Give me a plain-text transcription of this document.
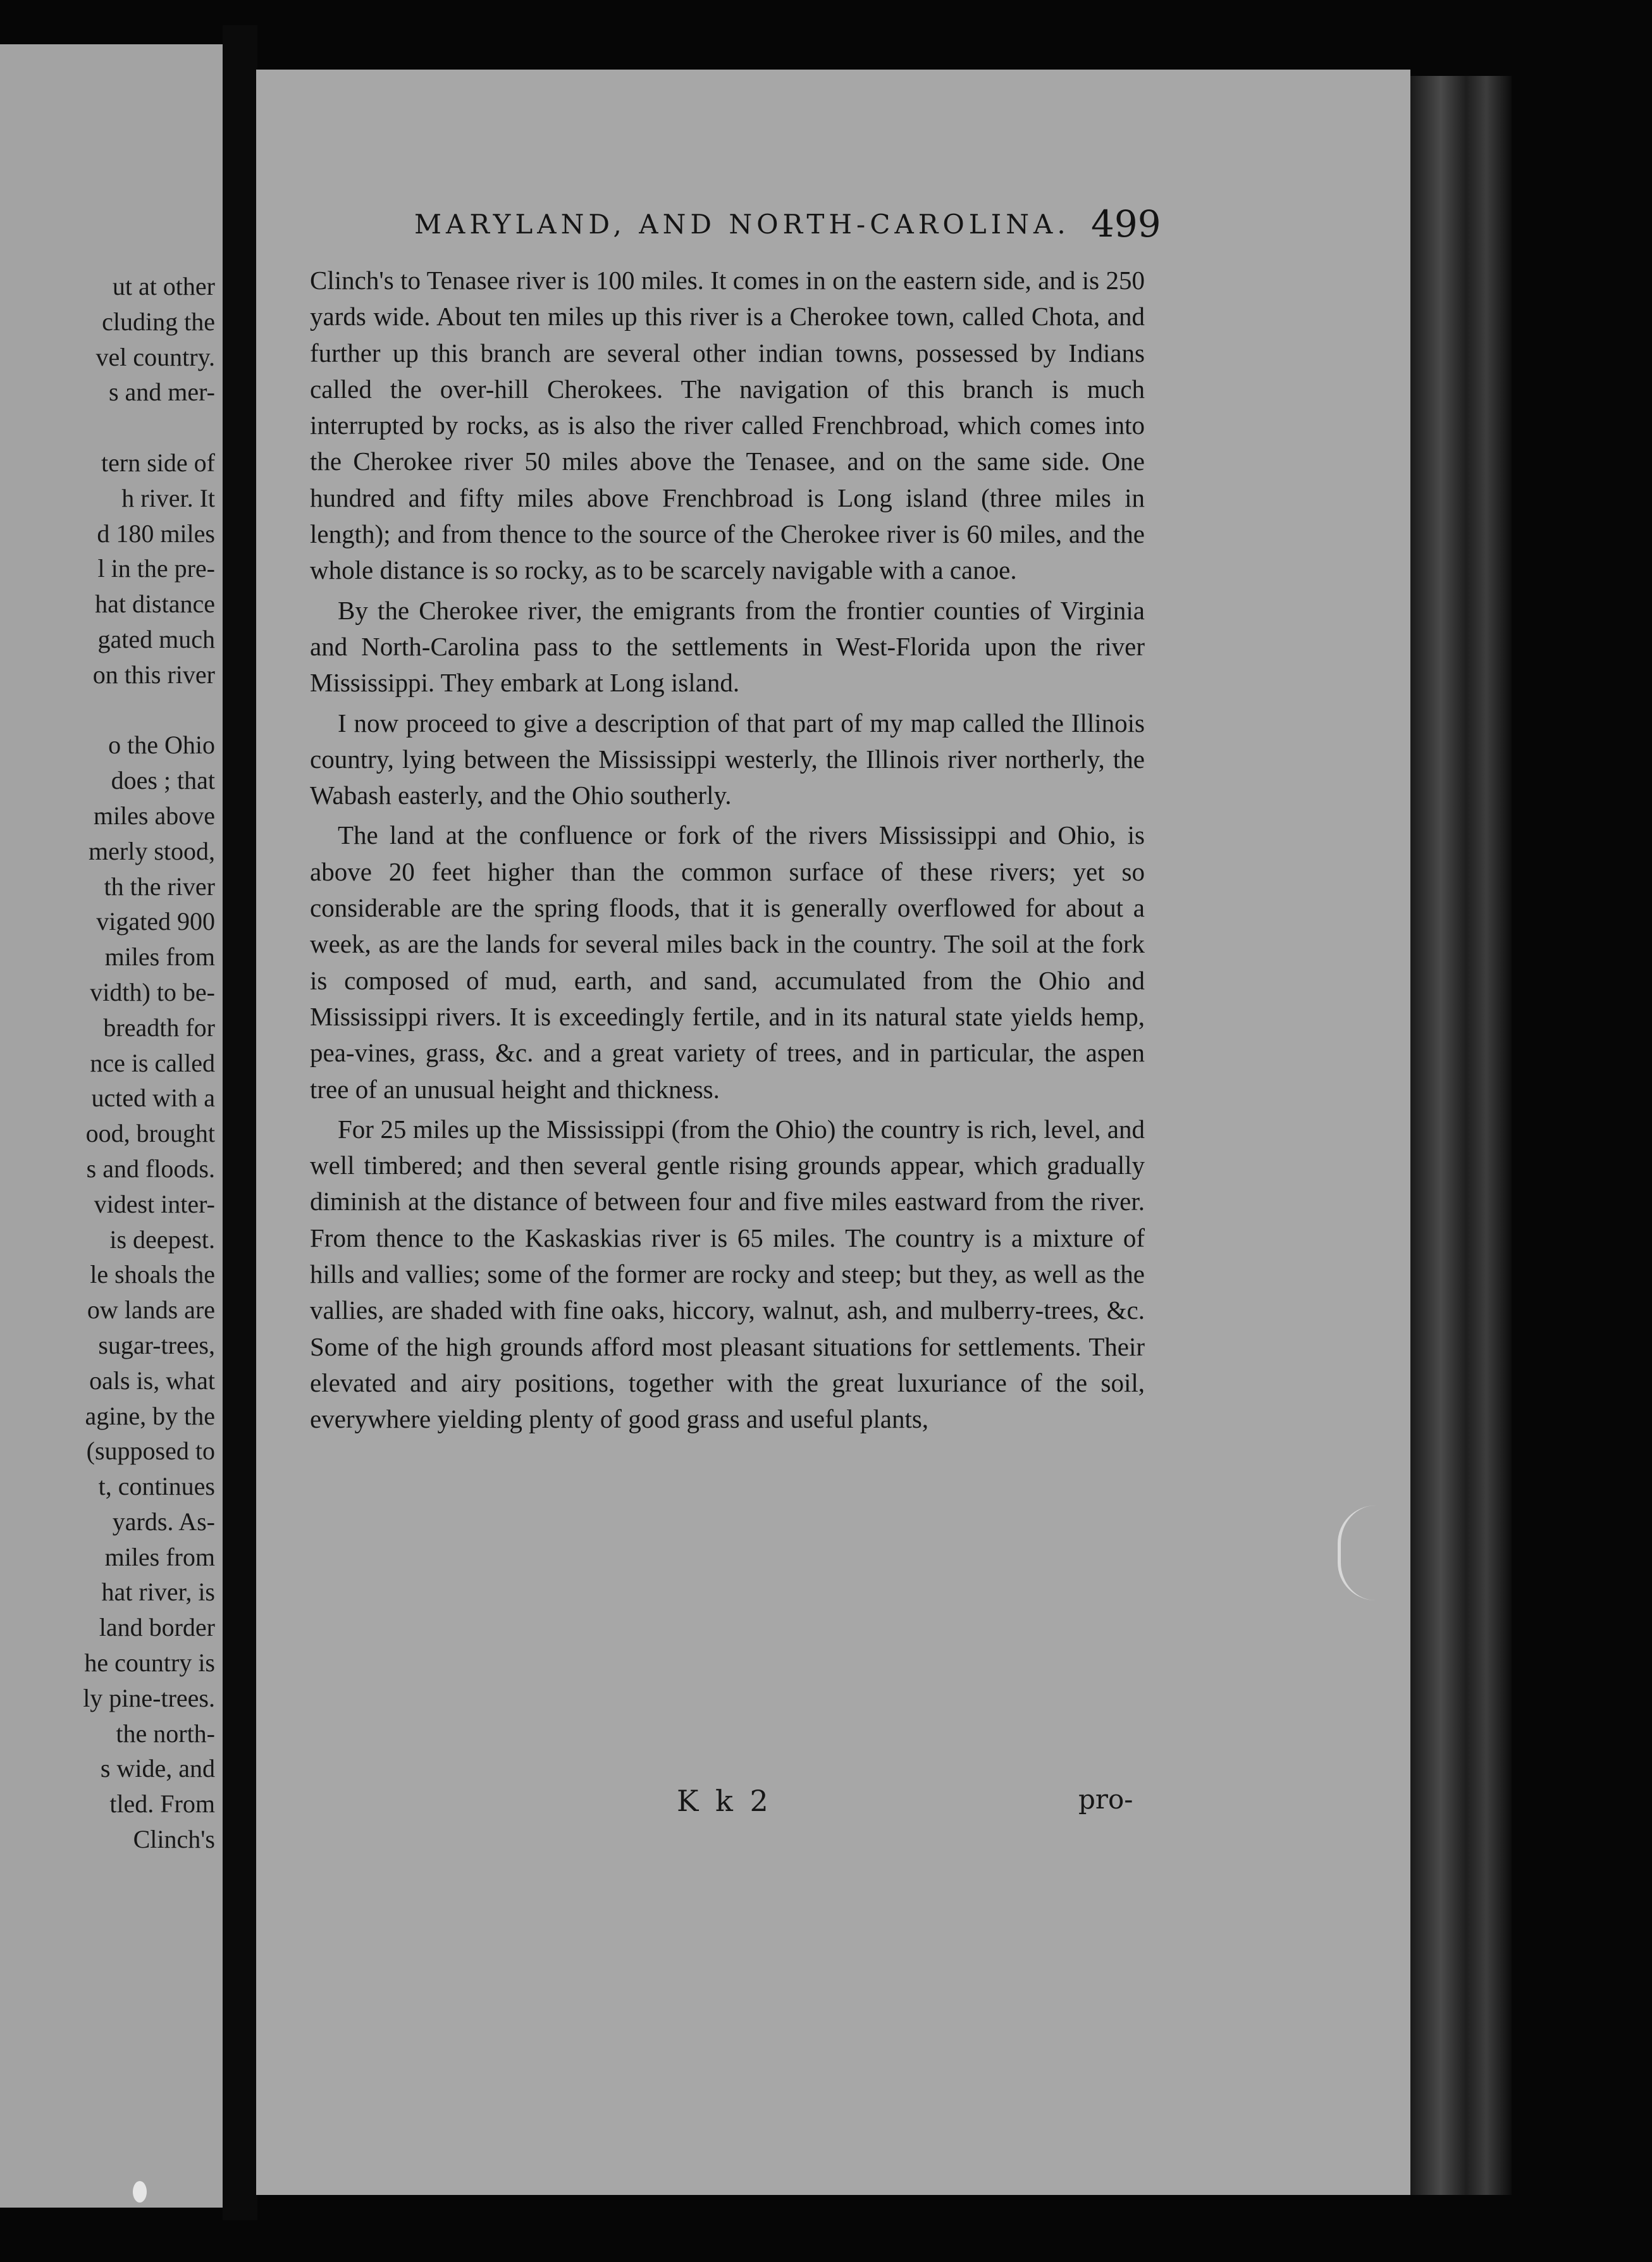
ut at other
cluding the
vel country.
s and mer-
tern side of
h river. It
d 180 miles
l in the pre-
hat distance
gated much
on this river
o the Ohio
does ; that
miles above
merly stood,
th the river
vigated 900
miles from
vidth) to be-
breadth for
nce is called
ucted with a
ood, brought
s and floods.
videst inter-
is deepest.
le shoals the
ow lands are
sugar-trees,
oals is, what
agine, by the
(supposed to
t, continues
yards. As-
miles from
hat river, is
land border
he country is
ly pine-trees.
the north-
s wide, and
tled. From
Clinch's
MARYLAND, AND NORTH-CAROLINA. 499

Clinch's to Tenasee river is 100 miles. It comes in on the eastern side, and is 250 yards wide. About ten miles up this river is a Cherokee town, called Chota, and further up this branch are several other indian towns, possessed by Indians called the over-hill Cherokees. The navigation of this branch is much interrupted by rocks, as is also the river called Frenchbroad, which comes into the Cherokee river 50 miles above the Tenasee, and on the same side. One hundred and fifty miles above Frenchbroad is Long island (three miles in length); and from thence to the source of the Cherokee river is 60 miles, and the whole distance is so rocky, as to be scarcely navigable with a canoe.

By the Cherokee river, the emigrants from the frontier counties of Virginia and North-Carolina pass to the settlements in West-Florida upon the river Mississippi. They embark at Long island.

I now proceed to give a description of that part of my map called the Illinois country, lying between the Mississippi westerly, the Illinois river northerly, the Wabash easterly, and the Ohio southerly.

The land at the confluence or fork of the rivers Mississippi and Ohio, is above 20 feet higher than the common surface of these rivers; yet so considerable are the spring floods, that it is generally overflowed for about a week, as are the lands for several miles back in the country. The soil at the fork is composed of mud, earth, and sand, accumulated from the Ohio and Mississippi rivers. It is exceedingly fertile, and in its natural state yields hemp, pea-vines, grass, &c. and a great variety of trees, and in particular, the aspen tree of an unusual height and thickness.

For 25 miles up the Mississippi (from the Ohio) the country is rich, level, and well timbered; and then several gentle rising grounds appear, which gradually diminish at the distance of between four and five miles eastward from the river. From thence to the Kaskaskias river is 65 miles. The country is a mixture of hills and vallies; some of the former are rocky and steep; but they, as well as the vallies, are shaded with fine oaks, hiccory, walnut, ash, and mulberry-trees, &c. Some of the high grounds afford most pleasant situations for settlements. Their elevated and airy positions, together with the great luxuriance of the soil, everywhere yielding plenty of good grass and useful plants,

K k 2	pro-
